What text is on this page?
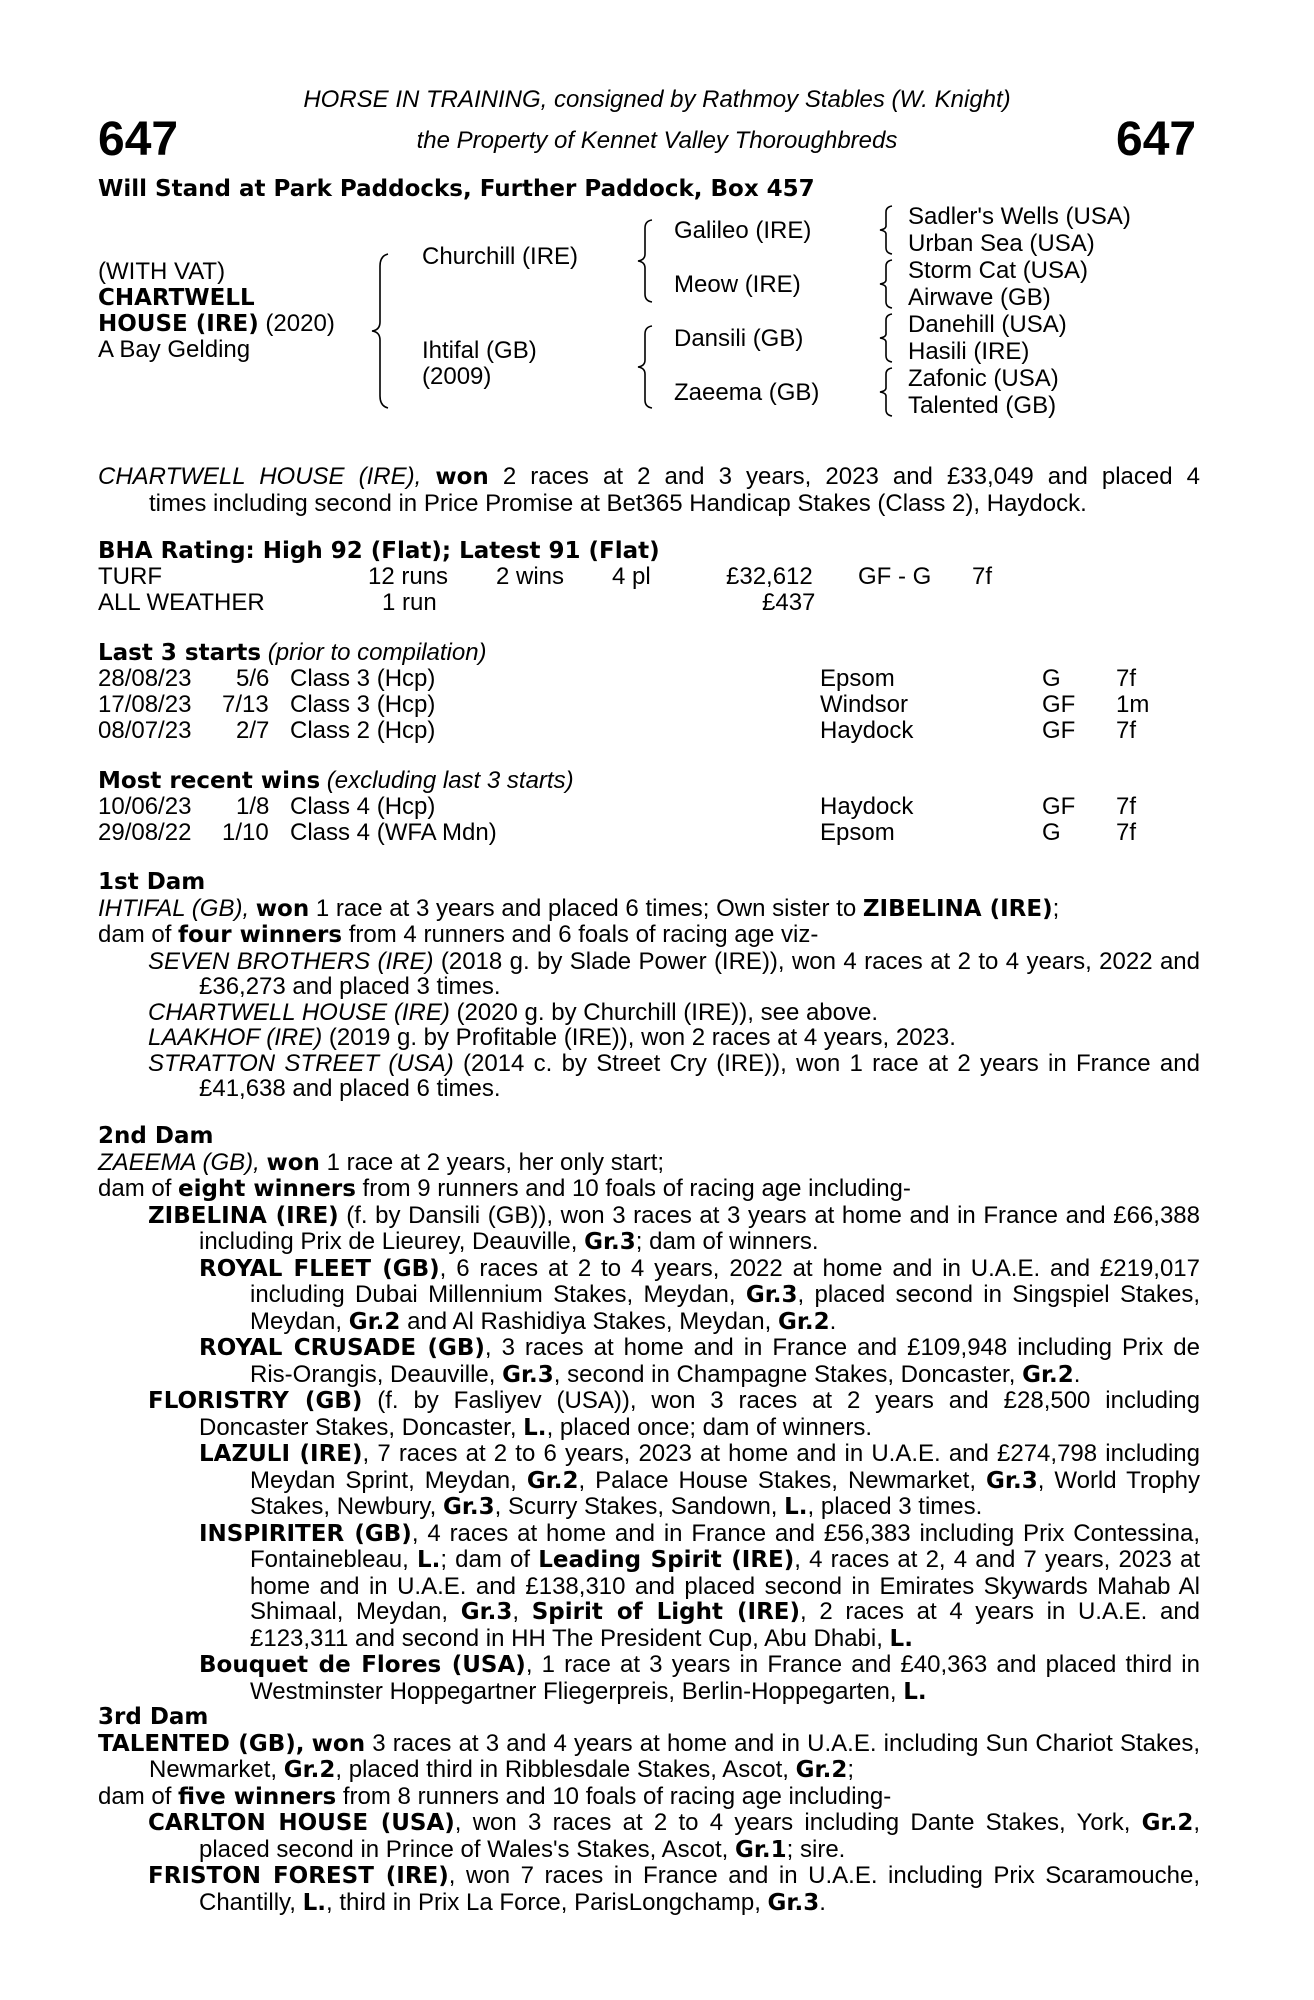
647	647
HORSE IN TRAINING, consigned by Rathmoy Stables (W. Knight)
the Property of Kennet Valley Thoroughbreds
Will Stand at Park Paddocks, Further Paddock, Box 457
(WITH VAT)
CHARTWELL
HOUSE (IRE) (2020)
A Bay Gelding
Churchill (IRE)
Ihtifal (GB)
(2009)
Galileo (IRE)
Meow (IRE)
Dansili (GB)
Zaeema (GB)
Sadler's Wells (USA)
Urban Sea (USA)
Storm Cat (USA)
Airwave (GB)
Danehill (USA)
Hasili (IRE)
Zafonic (USA)
Talented (GB)

CHARTWELL HOUSE (IRE), won 2 races at 2 and 3 years, 2023 and £33,049 and placed 4

times including second in Price Promise at Bet365 Handicap Stakes (Class 2), Haydock.

BHA Rating: High 92 (Flat); Latest 91 (Flat)
TURF	12 runs 2 wins 4 pl	£32,612 GF - G 7f
ALL WEATHER	1 run	£437
Last 3 starts (prior to compilation)
28/08/23 5/6 Class 3 (Hcp)	Epsom	G 7f
17/08/23 7/13 Class 3 (Hcp)	Windsor	GF 1m
08/07/23 2/7 Class 2 (Hcp)	Haydock	GF 7f
Most recent wins (excluding last 3 starts)
10/06/23 1/8 Class 4 (Hcp)	Haydock	GF 7f
29/08/22 1/10 Class 4 (WFA Mdn)	Epsom	G 7f

1st Dam

IHTIFAL (GB), won 1 race at 3 years and placed 6 times; Own sister to ZIBELINA (IRE);

dam of four winners from 4 runners and 6 foals of racing age viz-

SEVEN BROTHERS (IRE) (2018 g. by Slade Power (IRE)), won 4 races at 2 to 4 years, 2022 and £36,273 and placed 3 times.

CHARTWELL HOUSE (IRE) (2020 g. by Churchill (IRE)), see above.

LAAKHOF (IRE) (2019 g. by Profitable (IRE)), won 2 races at 4 years, 2023.

STRATTON STREET (USA) (2014 c. by Street Cry (IRE)), won 1 race at 2 years in France and £41,638 and placed 6 times.

2nd Dam

ZAEEMA (GB), won 1 race at 2 years, her only start;

dam of eight winners from 9 runners and 10 foals of racing age including-

ZIBELINA (IRE) (f. by Dansili (GB)), won 3 races at 3 years at home and in France and £66,388 including Prix de Lieurey, Deauville, Gr.3; dam of winners.

ROYAL FLEET (GB), 6 races at 2 to 4 years, 2022 at home and in U.A.E. and £219,017 including Dubai Millennium Stakes, Meydan, Gr.3, placed second in Singspiel Stakes, Meydan, Gr.2 and Al Rashidiya Stakes, Meydan, Gr.2.

ROYAL CRUSADE (GB), 3 races at home and in France and £109,948 including Prix de Ris-Orangis, Deauville, Gr.3, second in Champagne Stakes, Doncaster, Gr.2.

FLORISTRY (GB) (f. by Fasliyev (USA)), won 3 races at 2 years and £28,500 including Doncaster Stakes, Doncaster, L., placed once; dam of winners.

LAZULI (IRE), 7 races at 2 to 6 years, 2023 at home and in U.A.E. and £274,798 including Meydan Sprint, Meydan, Gr.2, Palace House Stakes, Newmarket, Gr.3, World Trophy Stakes, Newbury, Gr.3, Scurry Stakes, Sandown, L., placed 3 times.

INSPIRITER (GB), 4 races at home and in France and £56,383 including Prix Contessina, Fontainebleau, L.; dam of Leading Spirit (IRE), 4 races at 2, 4 and 7 years, 2023 at home and in U.A.E. and £138,310 and placed second in Emirates Skywards Mahab Al Shimaal, Meydan, Gr.3, Spirit of Light (IRE), 2 races at 4 years in U.A.E. and £123,311 and second in HH The President Cup, Abu Dhabi, L.

Bouquet de Flores (USA), 1 race at 3 years in France and £40,363 and placed third in Westminster Hoppegartner Fliegerpreis, Berlin-Hoppegarten, L.

3rd Dam

TALENTED (GB), won 3 races at 3 and 4 years at home and in U.A.E. including Sun Chariot Stakes, Newmarket, Gr.2, placed third in Ribblesdale Stakes, Ascot, Gr.2;

dam of five winners from 8 runners and 10 foals of racing age including-

CARLTON HOUSE (USA), won 3 races at 2 to 4 years including Dante Stakes, York, Gr.2, placed second in Prince of Wales's Stakes, Ascot, Gr.1; sire.

FRISTON FOREST (IRE), won 7 races in France and in U.A.E. including Prix Scaramouche, Chantilly, L., third in Prix La Force, ParisLongchamp, Gr.3.
